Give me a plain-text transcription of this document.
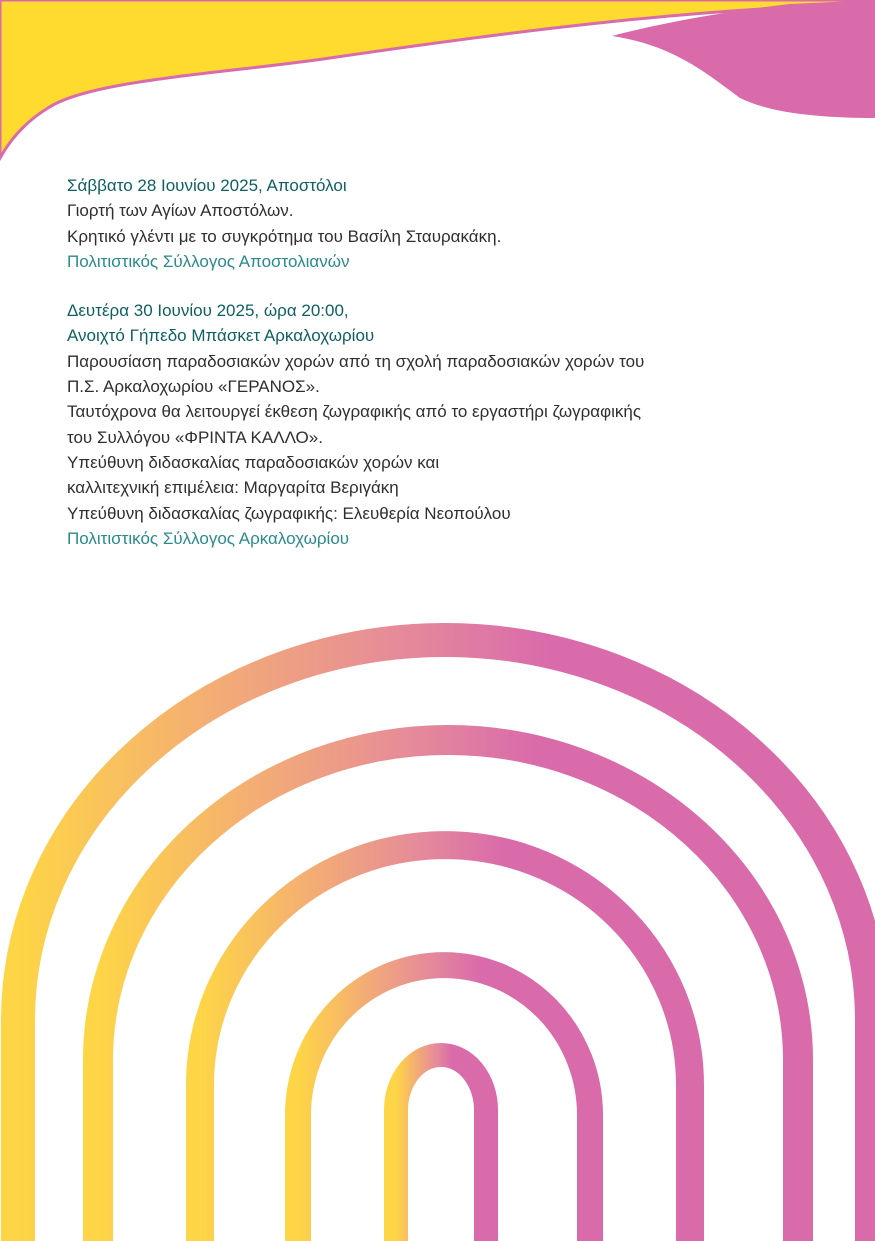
Σάββατο 28 Ιουνίου 2025, Αποστόλοι
Γιορτή των Αγίων Αποστόλων.
Κρητικό γλέντι με το συγκρότημα του Βασίλη Σταυρακάκη.
Πολιτιστικός Σύλλογος Αποστολιανών
Δευτέρα 30 Ιουνίου 2025, ώρα 20:00,
Ανοιχτό Γήπεδο Μπάσκετ Αρκαλοχωρίου
Παρουσίαση παραδοσιακών χορών από τη σχολή παραδοσιακών χορών του
Π.Σ. Αρκαλοχωρίου «ΓΕΡΑΝΟΣ».
Ταυτόχρονα θα λειτουργεί έκθεση ζωγραφικής από το εργαστήρι ζωγραφικής
του Συλλόγου «ΦΡΙΝΤΑ ΚΑΛΛΟ».
Υπεύθυνη διδασκαλίας παραδοσιακών χορών και
καλλιτεχνική επιμέλεια: Μαργαρίτα Βεριγάκη
Υπεύθυνη διδασκαλίας ζωγραφικής: Ελευθερία Νεοπούλου
Πολιτιστικός Σύλλογος Αρκαλοχωρίου
